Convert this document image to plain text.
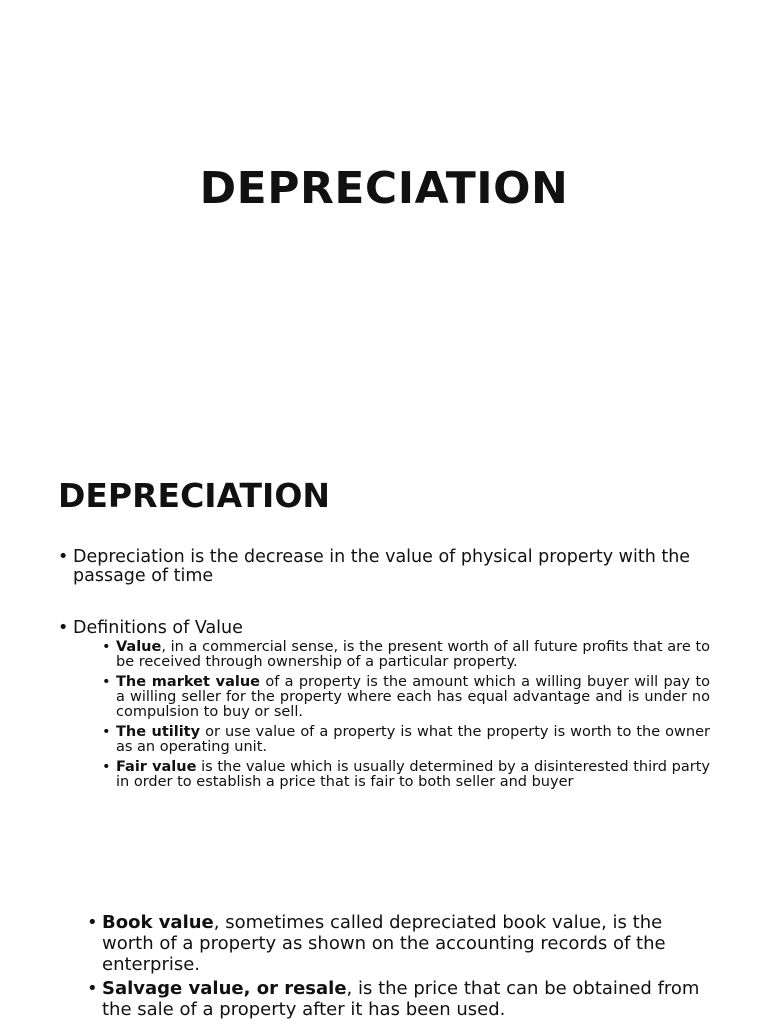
DEPRECIATION
DEPRECIATION
• Depreciation is the decrease in the value of physical property with the passage of time
• Definitions of Value
• Value, in a commercial sense, is the present worth of all future profits that are to be received through ownership of a particular property.
• The market value of a property is the amount which a willing buyer will pay to a willing seller for the property where each has equal advantage and is under no compulsion to buy or sell.
• The utility or use value of a property is what the property is worth to the owner as an operating unit.
• Fair value is the value which is usually determined by a disinterested third party in order to establish a price that is fair to both seller and buyer
• Book value, sometimes called depreciated book value, is the worth of a property as shown on the accounting records of the enterprise.
• Salvage value, or resale, is the price that can be obtained from the sale of a property after it has been used.
